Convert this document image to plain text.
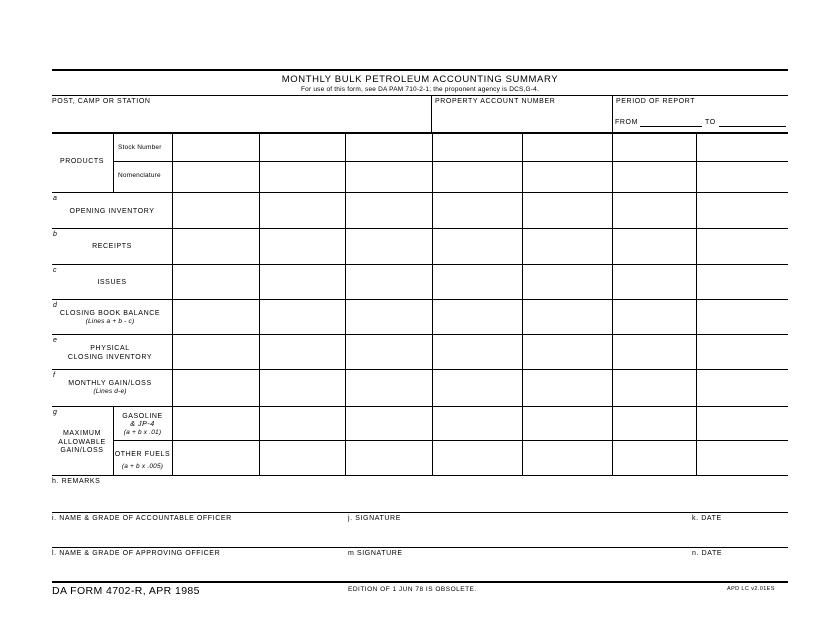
MONTHLY BULK PETROLEUM ACCOUNTING SUMMARY
For use of this form, see DA PAM 710-2-1; the proponent agency is DCS,G-4.
POST, CAMP OR STATION	PROPERTY ACCOUNT NUMBER	PERIOD OF REPORT
FROM	TO
PRODUCTS
Stock Number
Nomenclature
a
OPENING INVENTORY
b
RECEIPTS
c
ISSUES
d
CLOSING BOOK BALANCE
(Lines a + b - c)
e
PHYSICAL
CLOSING INVENTORY
f
MONTHLY GAIN/LOSS
(Lines d-e)
g
MAXIMUM
ALLOWABLE
GAIN/LOSS
GASOLINE
& JP-4
(a + b x .01)
OTHER FUELS
(a + b x .005)
h. REMARKS
i. NAME & GRADE OF ACCOUNTABLE OFFICER	j. SIGNATURE	k. DATE
l. NAME & GRADE OF APPROVING OFFICER	m SIGNATURE	n. DATE
DA FORM 4702-R, APR 1985	EDITION OF 1 JUN 78 IS OBSOLETE.	APD LC v2.01ES
